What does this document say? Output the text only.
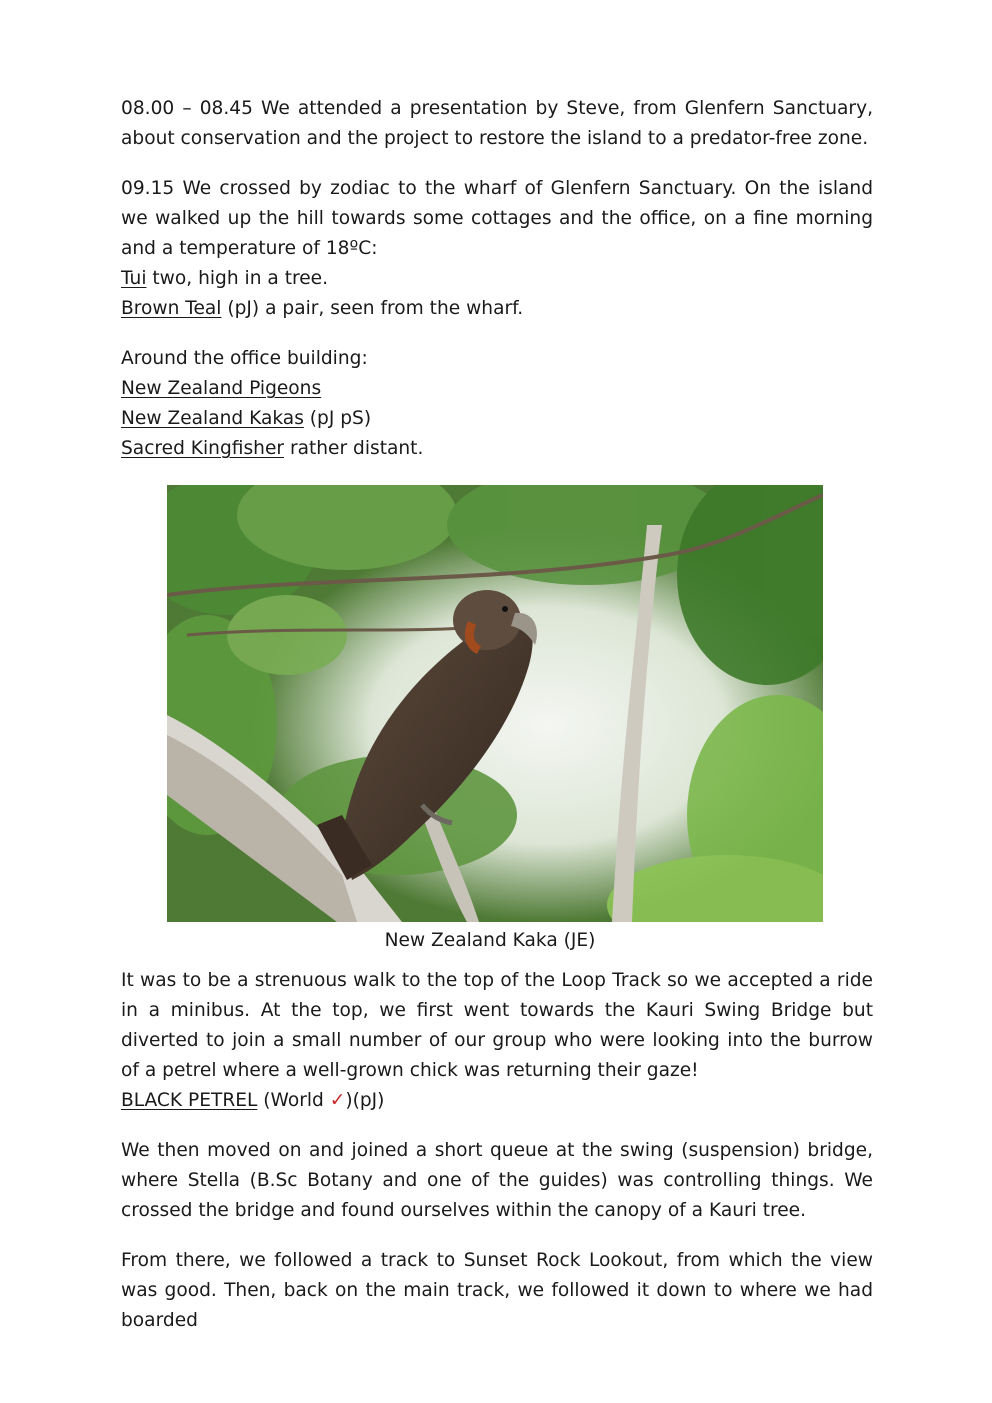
08.00 – 08.45 We attended a presentation by Steve, from Glenfern Sanctuary, about conservation and the project to restore the island to a predator-free zone.

09.15 We crossed by zodiac to the wharf of Glenfern Sanctuary. On the island we walked up the hill towards some cottages and the office, on a fine morning and a temperature of 18ºC:
Tui two, high in a tree.
Brown Teal (pJ) a pair, seen from the wharf.

Around the office building:
New Zealand Pigeons
New Zealand Kakas (pJ pS)
Sacred Kingfisher rather distant.

New Zealand Kaka (JE)

It was to be a strenuous walk to the top of the Loop Track so we accepted a ride in a minibus. At the top, we first went towards the Kauri Swing Bridge but diverted to join a small number of our group who were looking into the burrow of a petrel where a well-grown chick was returning their gaze!
BLACK PETREL (World ✓)(pJ)

We then moved on and joined a short queue at the swing (suspension) bridge, where Stella (B.Sc Botany and one of the guides) was controlling things. We crossed the bridge and found ourselves within the canopy of a Kauri tree.

From there, we followed a track to Sunset Rock Lookout, from which the view was good. Then, back on the main track, we followed it down to where we had boarded
